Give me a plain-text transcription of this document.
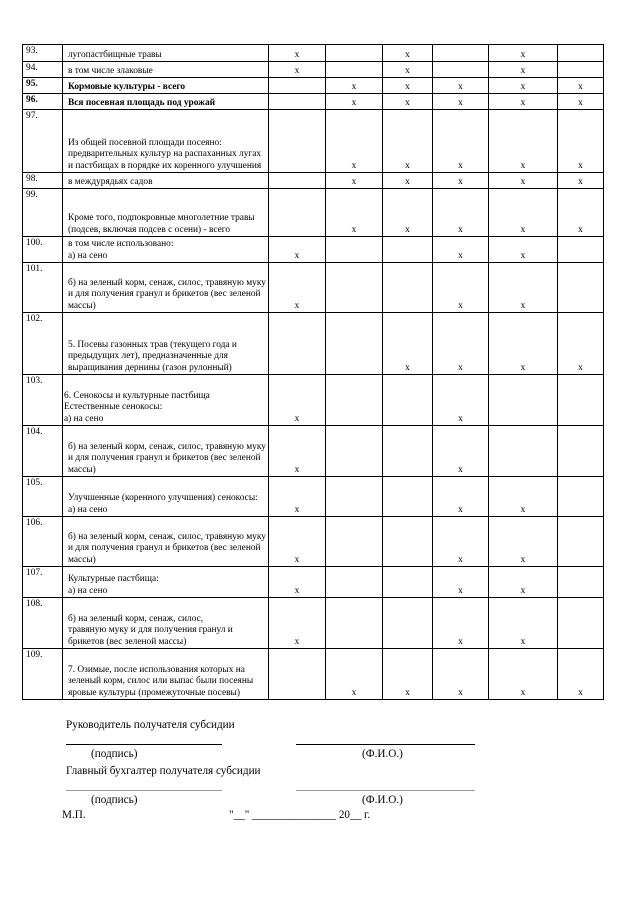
93.	лугопастбищные травы	х		х		х	
94.	в том числе злаковые	х		х		х	
95.	Кормовые культуры - всего		х	х	х	х	х
96.	Вся посевная площадь под урожай		х	х	х	х	х
97.	Из общей посевной площади посеяно:
предварительных культур на распаханных лугах и пастбищах в порядке их коренного улучшения		х	х	х	х	х
98.	в междурядьях садов		х	х	х	х	х
99.	Кроме того, подпокровные многолетние травы
(подсев, включая подсев с осени) - всего		х	х	х	х	х
100.	в том числе использовано:
а) на сено	х			х	х	
101.	б) на зеленый корм, сенаж, силос, травяную муку и для получения гранул и брикетов (вес зеленой массы)	х			х	х	
102.	5. Посевы газонных трав (текущего года и предыдущих лет), предназначенные для выращивания дернины (газон рулонный)			х	х	х	х
103.	
6. Сенокосы и культурные пастбища
Естественные сенокосы:
а) на сено	х			х		
104.	б) на зеленый корм, сенаж, силос, травяную муку и для получения гранул и брикетов (вес зеленой массы)	х			х		
105.	Улучшенные (коренного улучшения) сенокосы:
а) на сено	х			х	х	
106.	б) на зеленый корм, сенаж, силос, травяную муку и для получения гранул и брикетов (вес зеленой массы)	х			х	х	
107.	Культурные пастбища:
а) на сено	х			х	х	
108.	б) на зеленый корм, сенаж, силос,
травяную муку и для получения гранул и брикетов (вес зеленой массы)	х			х	х	
109.	7. Озимые, после использования которых на зеленый корм, силос или выпас были посеяны яровые культуры (промежуточные посевы)		х	х	х	х	х
Руководитель получателя субсидии
(подпись)	(Ф.И.О.)
Главный бухгалтер получателя субсидии
(подпись)	(Ф.И.О.)
М.П.	"__" _______________ 20__ г.
